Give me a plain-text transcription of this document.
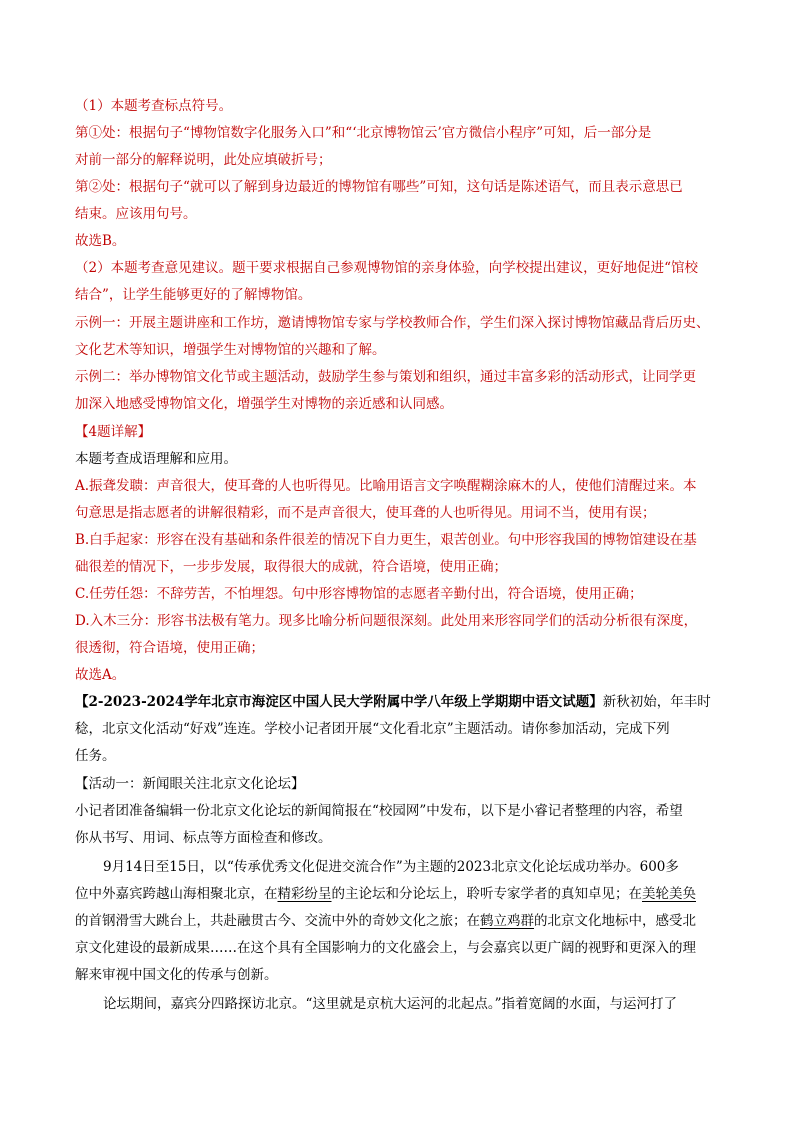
（1）本题考查标点符号。
第①处：根据句子“博物馆数字化服务入口”和“‘北京博物馆云’官方微信小程序”可知，后一部分是
对前一部分的解释说明，此处应填破折号；
第②处：根据句子“就可以了解到身边最近的博物馆有哪些”可知，这句话是陈述语气，而且表示意思已
结束。应该用句号。
故选B。
（2）本题考查意见建议。题干要求根据自己参观博物馆的亲身体验，向学校提出建议，更好地促进“馆校
结合”，让学生能够更好的了解博物馆。
示例一：开展主题讲座和工作坊，邀请博物馆专家与学校教师合作，学生们深入探讨博物馆藏品背后历史、
文化艺术等知识，增强学生对博物馆的兴趣和了解。
示例二：举办博物馆文化节或主题活动，鼓励学生参与策划和组织，通过丰富多彩的活动形式，让同学更
加深入地感受博物馆文化，增强学生对博物的亲近感和认同感。
【4题详解】
本题考查成语理解和应用。
A.振聋发聩：声音很大，使耳聋的人也听得见。比喻用语言文字唤醒糊涂麻木的人，使他们清醒过来。本
句意思是指志愿者的讲解很精彩，而不是声音很大，使耳聋的人也听得见。用词不当，使用有误；
B.白手起家：形容在没有基础和条件很差的情况下自力更生，艰苦创业。句中形容我国的博物馆建设在基
础很差的情况下，一步步发展，取得很大的成就，符合语境，使用正确；
C.任劳任怨：不辞劳苦，不怕埋怨。句中形容博物馆的志愿者辛勤付出，符合语境，使用正确；
D.入木三分：形容书法极有笔力。现多比喻分析问题很深刻。此处用来形容同学们的活动分析很有深度，
很透彻，符合语境，使用正确；
故选A。
【2-2023-2024学年北京市海淀区中国人民大学附属中学八年级上学期期中语文试题】新秋初始，年丰时
稔，北京文化活动“好戏”连连。学校小记者团开展“文化看北京”主题活动。请你参加活动，完成下列
任务。
【活动一：新闻眼关注北京文化论坛】
小记者团准备编辑一份北京文化论坛的新闻简报在“校园网”中发布，以下是小睿记者整理的内容，希望
你从书写、用词、标点等方面检查和修改。
9月14日至15日，以“传承优秀文化促进交流合作”为主题的2023北京文化论坛成功举办。600多
位中外嘉宾跨越山海相聚北京，在精彩纷呈的主论坛和分论坛上，聆听专家学者的真知卓见；在美轮美奂
的首钢滑雪大跳台上，共赴融贯古今、交流中外的奇妙文化之旅；在鹤立鸡群的北京文化地标中，感受北
京文化建设的最新成果……在这个具有全国影响力的文化盛会上，与会嘉宾以更广阔的视野和更深入的理
解来审视中国文化的传承与创新。
论坛期间，嘉宾分四路探访北京。“这里就是京杭大运河的北起点。”指着宽阔的水面，与运河打了
